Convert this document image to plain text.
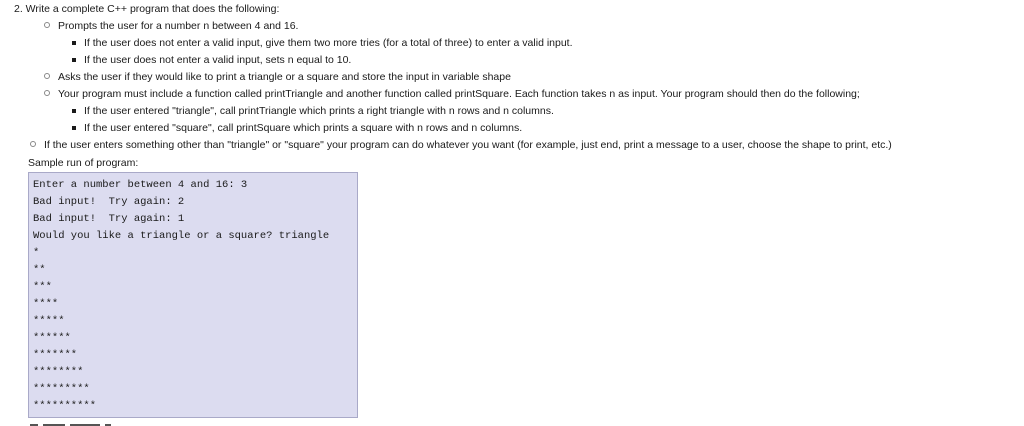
2. Write a complete C++ program that does the following:
Prompts the user for a number n between 4 and 16.
If the user does not enter a valid input, give them two more tries (for a total of three) to enter a valid input.
If the user does not enter a valid input, sets n equal to 10.
Asks the user if they would like to print a triangle or a square and store the input in variable shape
Your program must include a function called printTriangle and another function called printSquare. Each function takes n as input. Your program should then do the following;
If the user entered "triangle", call printTriangle which prints a right triangle with n rows and n columns.
If the user entered "square", call printSquare which prints a square with n rows and n columns.
If the user enters something other than "triangle" or "square" your program can do whatever you want (for example, just end, print a message to a user, choose the shape to print, etc.)
Sample run of program:
Enter a number between 4 and 16: 3
Bad input!  Try again: 2
Bad input!  Try again: 1
Would you like a triangle or a square? triangle
*
**
***
****
*****
******
*******
********
*********
**********
